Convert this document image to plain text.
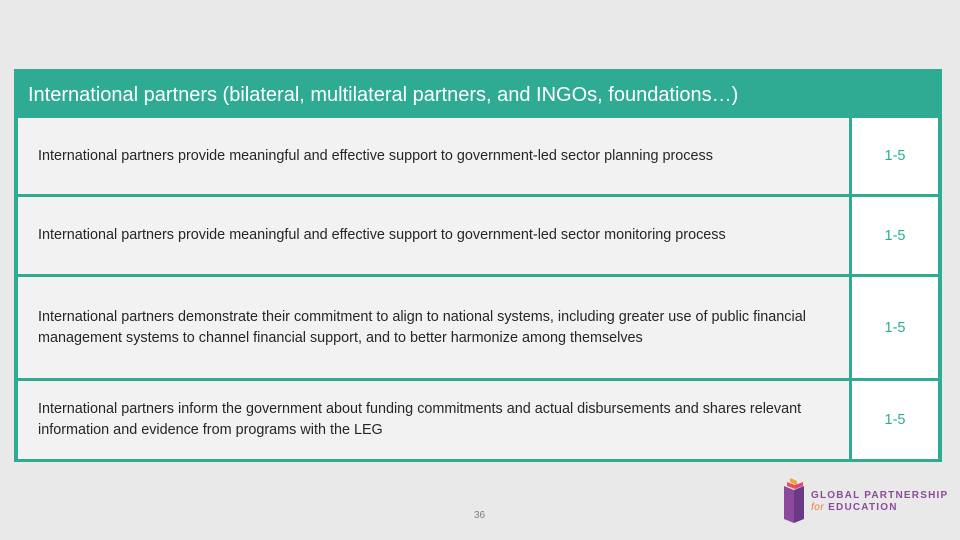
International partners (bilateral, multilateral partners, and INGOs, foundations…)
International partners provide meaningful and effective support to government-led sector planning process	1-5
International partners provide meaningful and effective support to government-led sector monitoring process	1-5
International partners demonstrate their commitment to align to national systems, including greater use of public financial management systems to channel financial support, and to better harmonize among themselves
1-5
International partners inform the government about funding commitments and actual disbursements and shares relevant information and evidence from programs with the LEG
1-5
36
GLOBAL PARTNERSHIP
for EDUCATION
